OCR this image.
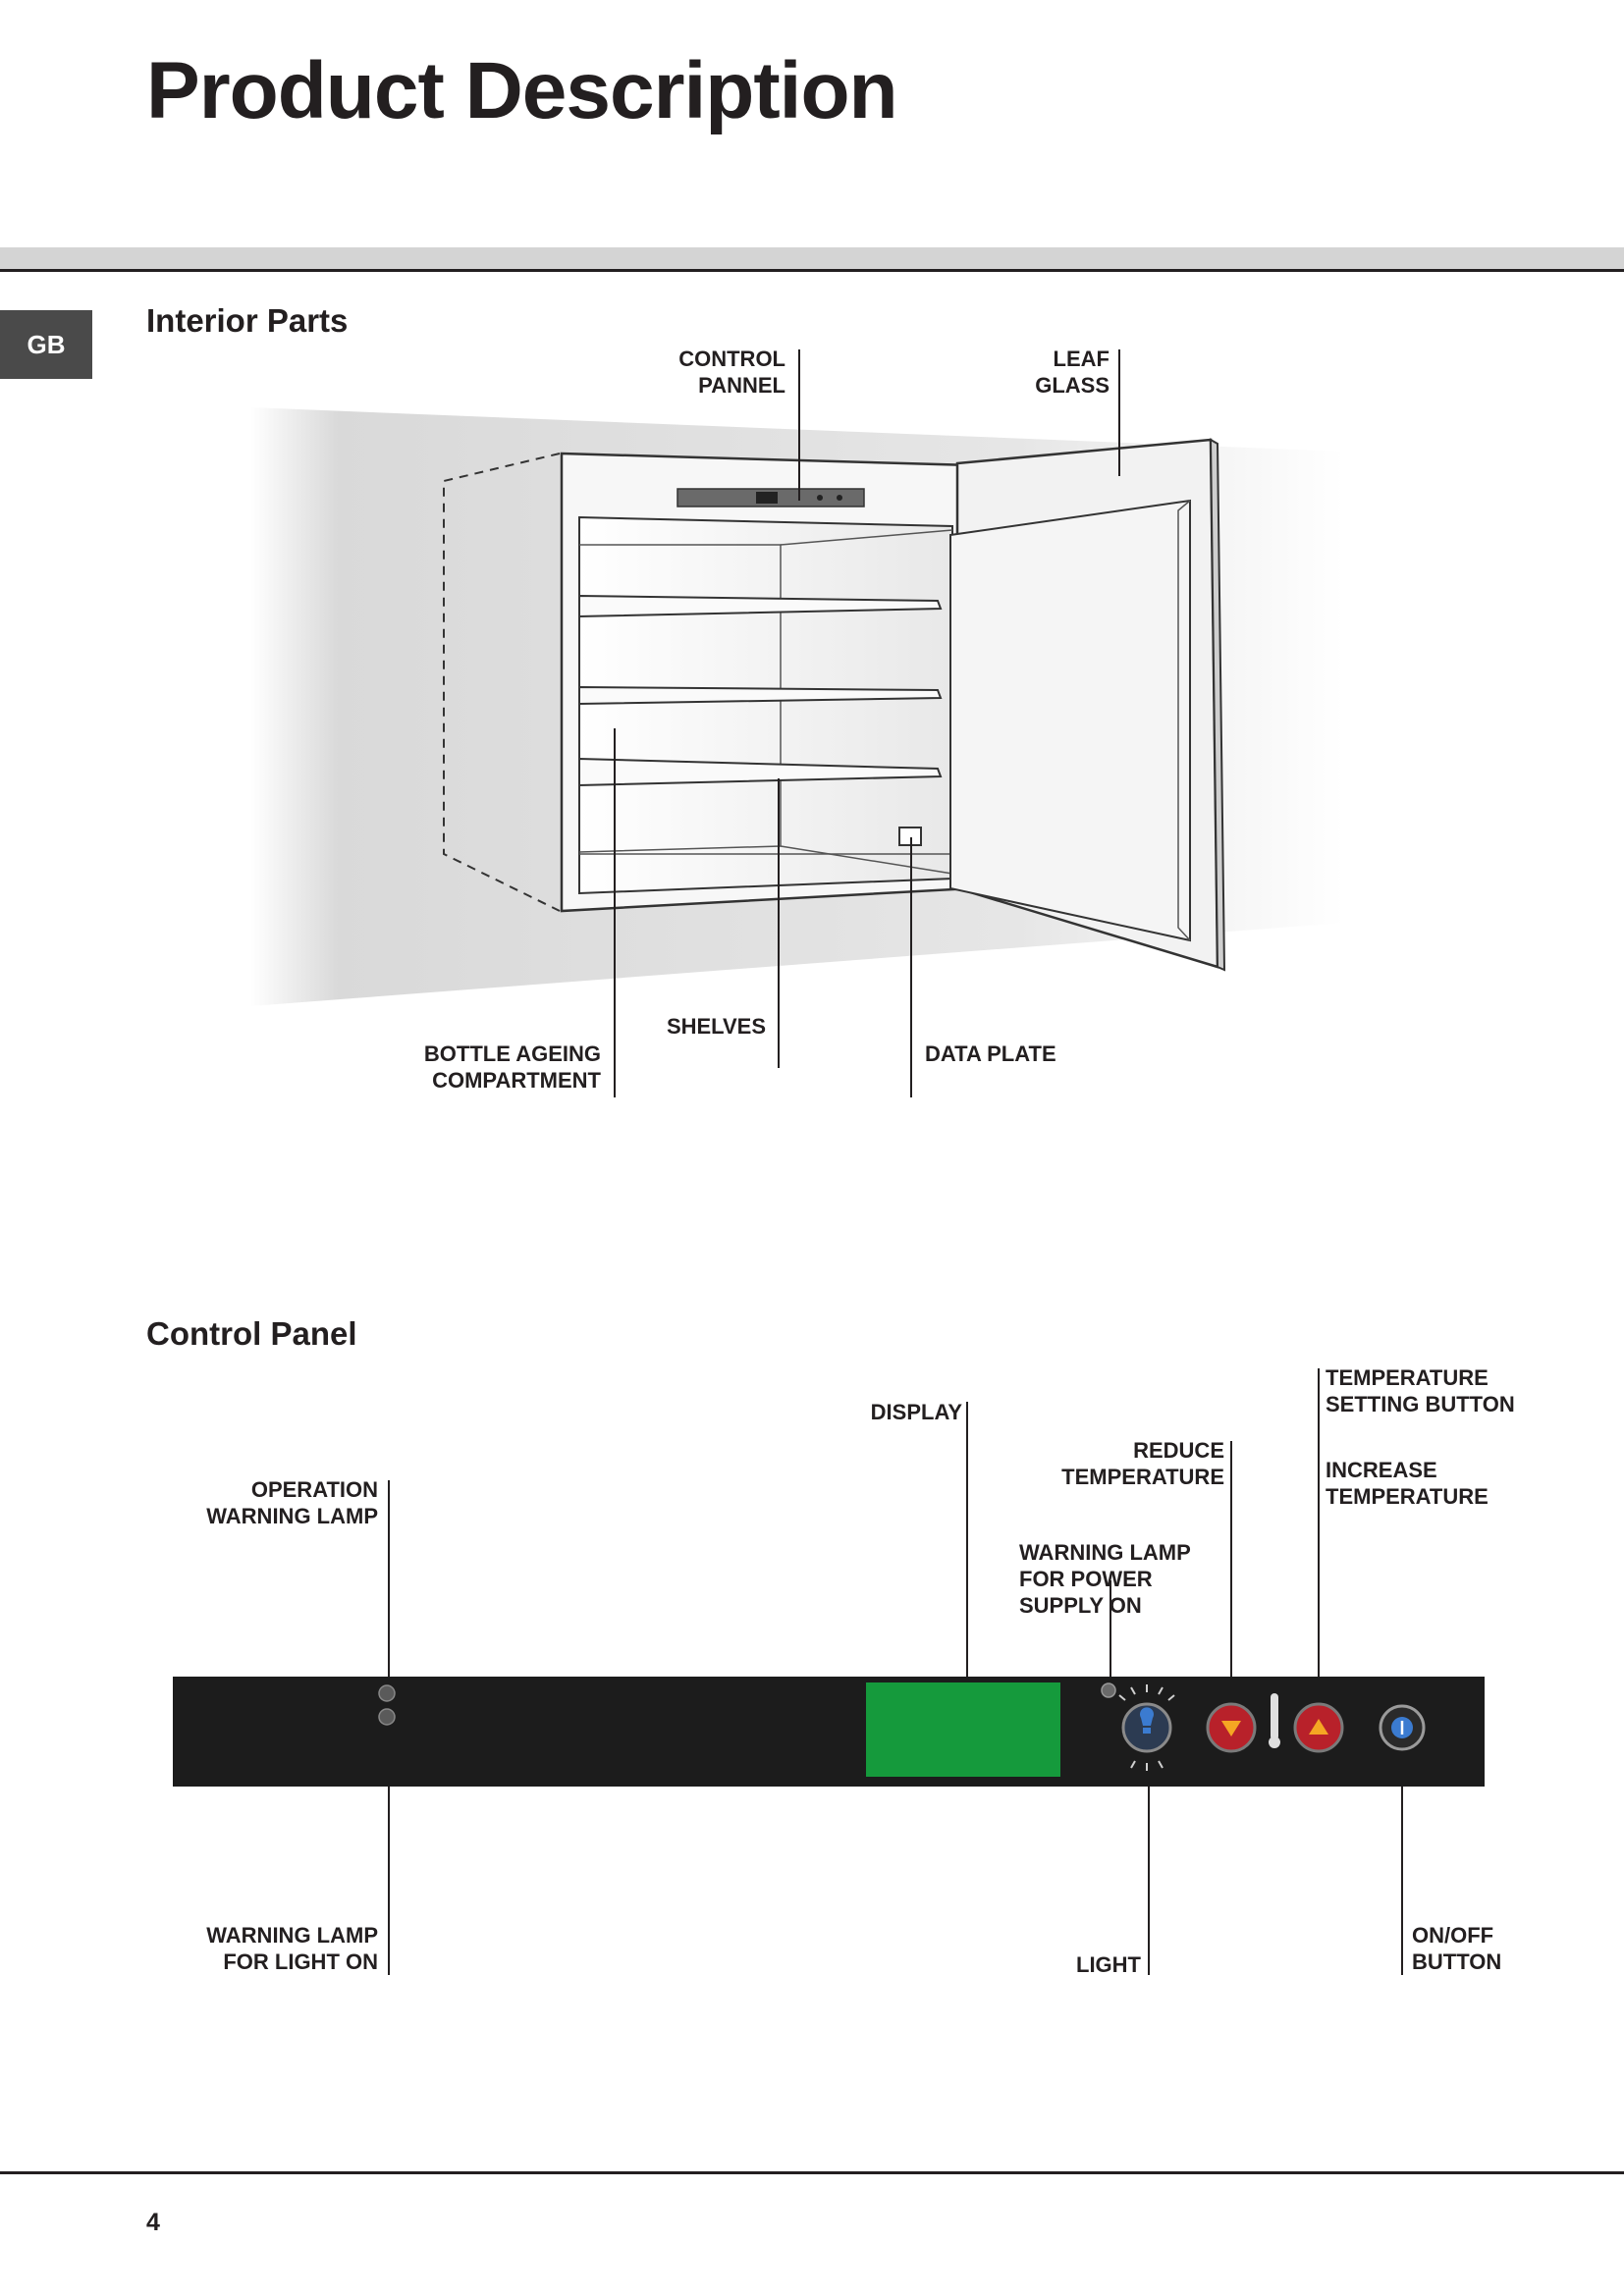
Product Description
GB
Interior Parts
CONTROL
PANNEL
LEAF
GLASS
BOTTLE AGEING
COMPARTMENT
SHELVES
DATA PLATE
Control Panel
TEMPERATURE
SETTING BUTTON
INCREASE
TEMPERATURE
DISPLAY
REDUCE
TEMPERATURE
OPERATION
WARNING LAMP
WARNING LAMP
FOR POWER
SUPPLY ON
WARNING LAMP
FOR LIGHT ON	LIGHT
ON/OFF
BUTTON
4
